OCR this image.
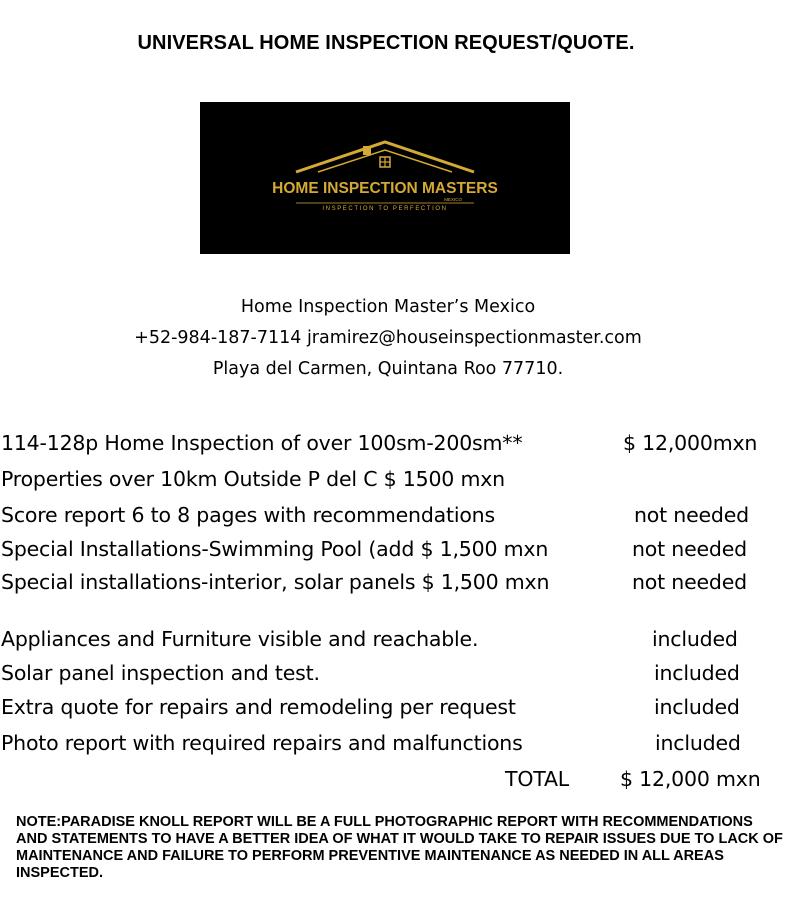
UNIVERSAL HOME INSPECTION REQUEST/QUOTE.
HOME INSPECTION MASTERS
MEXICO
INSPECTION TO PERFECTION
Home Inspection Master’s Mexico
+52-984-187-7114 jramirez@houseinspectionmaster.com
Playa del Carmen, Quintana Roo 77710.
114-128p Home Inspection of over 100sm-200sm**	$ 12,000mxn
Properties over 10km Outside P del C $ 1500 mxn
Score report 6 to 8 pages with recommendations	not needed
Special Installations-Swimming Pool (add $ 1,500 mxn	not needed
Special installations-interior, solar panels $ 1,500 mxn	not needed
Appliances and Furniture visible and reachable.	included
Solar panel inspection and test.	included
Extra quote for repairs and remodeling per request	included
Photo report with required repairs and malfunctions	included
TOTAL $ 12,000 mxn
NOTE:PARADISE KNOLL REPORT WILL BE A FULL PHOTOGRAPHIC REPORT WITH RECOMMENDATIONS AND STATEMENTS TO HAVE A BETTER IDEA OF WHAT IT WOULD TAKE TO REPAIR ISSUES DUE TO LACK OF MAINTENANCE AND FAILURE TO PERFORM PREVENTIVE MAINTENANCE AS NEEDED IN ALL AREAS INSPECTED.
